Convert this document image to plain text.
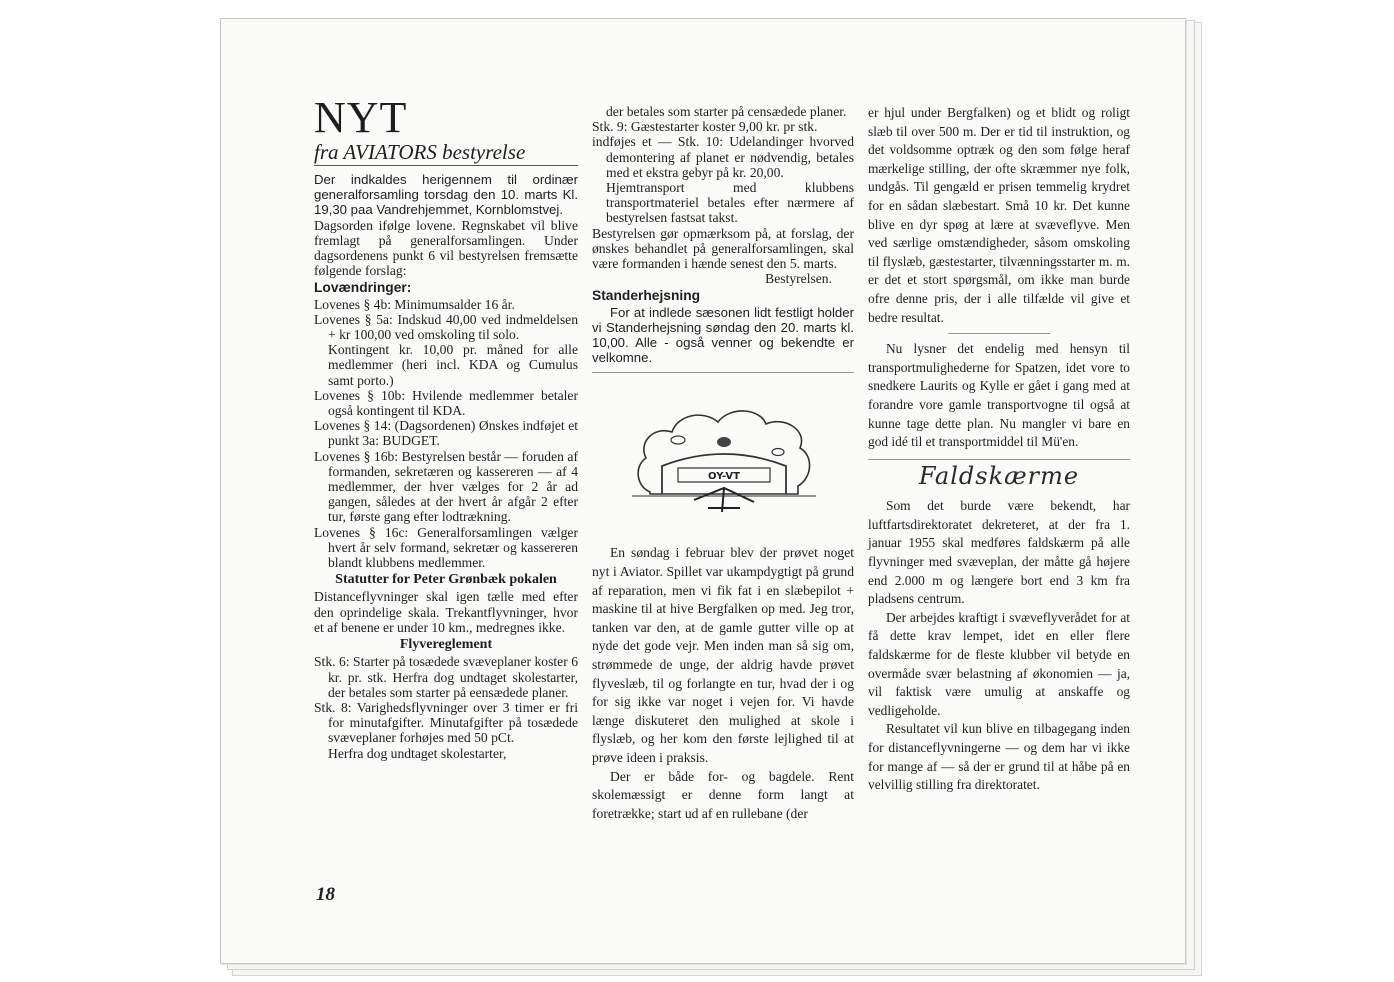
NYT
fra AVIATORS bestyrelse

Der indkaldes herigennem til ordinær generalforsamling torsdag den 10. marts Kl. 19,30 paa Vandrehjemmet, Kornblomstvej.

Dagsorden ifølge lovene. Regnskabet vil blive fremlagt på generalforsamlingen. Under dagsordenens punkt 6 vil bestyrelsen fremsætte følgende forslag:

Lovændringer:

Lovenes § 4b: Minimumsalder 16 år.

Lovenes § 5a: Indskud 40,00 ved indmeldelsen + kr 100,00 ved omskoling til solo.

Kontingent kr. 10,00 pr. måned for alle medlemmer (heri incl. KDA og Cumulus samt porto.)

Lovenes § 10b: Hvilende medlemmer betaler også kontingent til KDA.

Lovenes § 14: (Dagsordenen) Ønskes indføjet et punkt 3a: BUDGET.

Lovenes § 16b: Bestyrelsen består — foruden af formanden, sekretæren og kassereren — af 4 medlemmer, der hver vælges for 2 år ad gangen, således at der hvert år afgår 2 efter tur, første gang efter lodtrækning.

Lovenes § 16c: Generalforsamlingen vælger hvert år selv formand, sekretær og kassereren blandt klubbens medlemmer.

Statutter for Peter Grønbæk pokalen

Distanceflyvninger skal igen tælle med efter den oprindelige skala. Trekantflyvninger, hvor et af benene er under 10 km., medregnes ikke.

Flyvereglement

Stk. 6: Starter på tosædede svæveplaner koster 6 kr. pr. stk. Herfra dog undtaget skolestarter, der betales som starter på eensædede planer.

Stk. 8: Varighedsflyvninger over 3 timer er fri for minutafgifter. Minutafgifter på tosædede svæveplaner forhøjes med 50 pCt.

Herfra dog undtaget skolestarter,

der betales som starter på censædede planer.

Stk. 9: Gæstestarter koster 9,00 kr. pr stk.

indføjes et — Stk. 10: Udelandinger hvorved demontering af planet er nødvendig, betales med et ekstra gebyr på kr. 20,00.

Hjemtransport med klubbens transportmateriel betales efter nærmere af bestyrelsen fastsat takst.

Bestyrelsen gør opmærksom på, at forslag, der ønskes behandlet på generalforsamlingen, skal være formanden i hænde senest den 5. marts.

Bestyrelsen.

Standerhejsning

For at indlede sæsonen lidt festligt holder vi Standerhejsning søndag den 20. marts kl. 10,00. Alle - også venner og bekendte er velkomne.

OY-VT

En søndag i februar blev der prøvet noget nyt i Aviator. Spillet var ukampdygtigt på grund af reparation, men vi fik fat i en slæbepilot + maskine til at hive Bergfalken op med. Jeg tror, tanken var den, at de gamle gutter ville op at nyde det gode vejr. Men inden man så sig om, strømmede de unge, der aldrig havde prøvet flyveslæb, til og forlangte en tur, hvad der i og for sig ikke var noget i vejen for. Vi havde længe diskuteret den mulighed at skole i flyslæb, og her kom den første lejlighed til at prøve ideen i praksis.

Der er både for- og bagdele. Rent skolemæssigt er denne form langt at foretrække; start ud af en rullebane (der

er hjul under Bergfalken) og et blidt og roligt slæb til over 500 m. Der er tid til instruktion, og det voldsomme optræk og den som følge heraf mærkelige stilling, der ofte skræmmer nye folk, undgås. Til gengæld er prisen temmelig krydret for en sådan slæbestart. Små 10 kr. Det kunne blive en dyr spøg at lære at svæveflyve. Men ved særlige omstændigheder, såsom omskoling til flyslæb, gæstestarter, tilvænningsstarter m. m. er det et stort spørgsmål, om ikke man burde ofre denne pris, der i alle tilfælde vil give et bedre resultat.

Nu lysner det endelig med hensyn til transportmulighederne for Spatzen, idet vore to snedkere Laurits og Kylle er gået i gang med at forandre vore gamle transportvogne til også at kunne tage dette plan. Nu mangler vi bare en god idé til et transportmiddel til Mü'en.

Faldskærme

Som det burde være bekendt, har luftfartsdirektoratet dekreteret, at der fra 1. januar 1955 skal medføres faldskærm på alle flyvninger med svæveplan, der måtte gå højere end 2.000 m og længere bort end 3 km fra pladsens centrum.

Der arbejdes kraftigt i svæveflyverådet for at få dette krav lempet, idet en eller flere faldskærme for de fleste klubber vil betyde en overmåde svær belastning af økonomien — ja, vil faktisk være umulig at anskaffe og vedligeholde.

Resultatet vil kun blive en tilbagegang inden for distanceflyvningerne — og dem har vi ikke for mange af — så der er grund til at håbe på en velvillig stilling fra direktoratet.

18
